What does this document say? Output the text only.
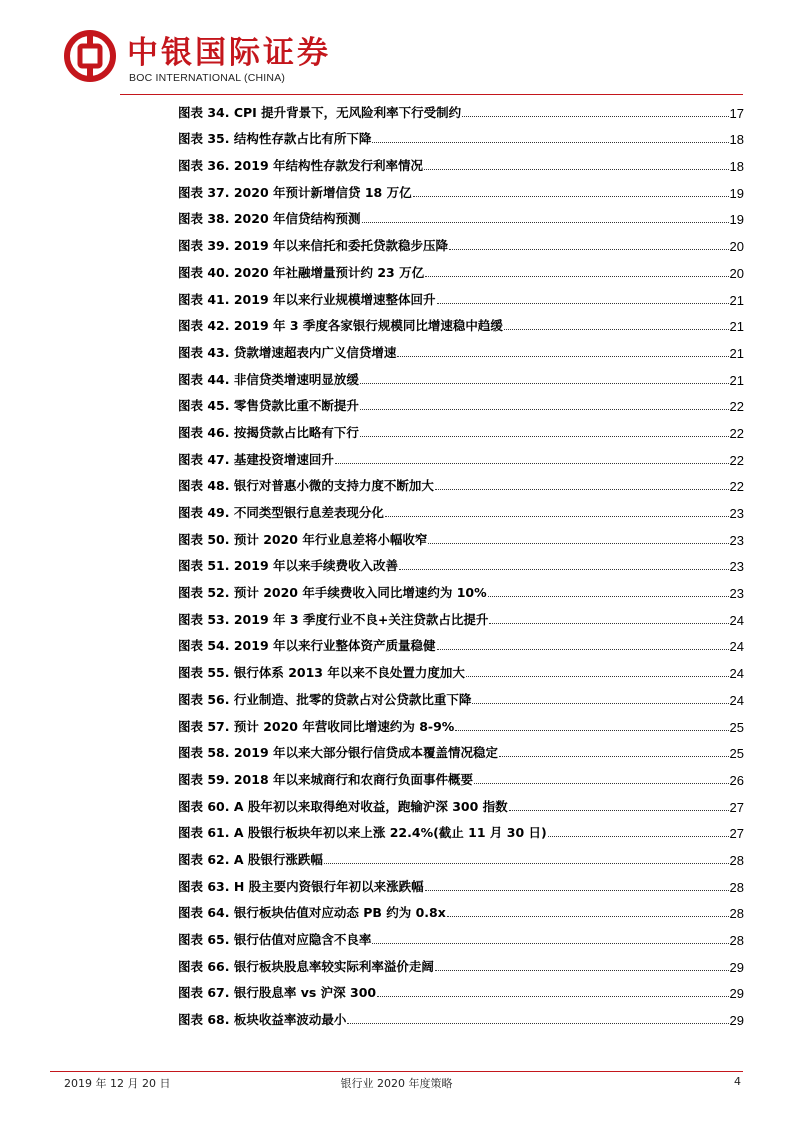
中银国际证券
BOC INTERNATIONAL (CHINA)
图表 34. CPI 提升背景下，无风险利率下行受制约	17
图表 35. 结构性存款占比有所下降	18
图表 36. 2019 年结构性存款发行利率情况	18
图表 37. 2020 年预计新增信贷 18 万亿	19
图表 38. 2020 年信贷结构预测	19
图表 39. 2019 年以来信托和委托贷款稳步压降	20
图表 40. 2020 年社融增量预计约 23 万亿	20
图表 41. 2019 年以来行业规模增速整体回升	21
图表 42. 2019 年 3 季度各家银行规模同比增速稳中趋缓	21
图表 43. 贷款增速超表内广义信贷增速	21
图表 44. 非信贷类增速明显放缓	21
图表 45. 零售贷款比重不断提升	22
图表 46. 按揭贷款占比略有下行	22
图表 47. 基建投资增速回升	22
图表 48. 银行对普惠小微的支持力度不断加大	22
图表 49. 不同类型银行息差表现分化	23
图表 50. 预计 2020 年行业息差将小幅收窄	23
图表 51. 2019 年以来手续费收入改善	23
图表 52. 预计 2020 年手续费收入同比增速约为 10%	23
图表 53. 2019 年 3 季度行业不良+关注贷款占比提升	24
图表 54. 2019 年以来行业整体资产质量稳健	24
图表 55. 银行体系 2013 年以来不良处置力度加大	24
图表 56. 行业制造、批零的贷款占对公贷款比重下降	24
图表 57. 预计 2020 年营收同比增速约为 8-9%	25
图表 58. 2019 年以来大部分银行信贷成本覆盖情况稳定	25
图表 59. 2018 年以来城商行和农商行负面事件概要	26
图表 60. A 股年初以来取得绝对收益，跑输沪深 300 指数	27
图表 61. A 股银行板块年初以来上涨 22.4%(截止 11 月 30 日)	27
图表 62. A 股银行涨跌幅	28
图表 63. H 股主要内资银行年初以来涨跌幅	28
图表 64. 银行板块估值对应动态 PB 约为 0.8x	28
图表 65. 银行估值对应隐含不良率	28
图表 66. 银行板块股息率较实际利率溢价走阔	29
图表 67. 银行股息率 vs 沪深 300	29
图表 68. 板块收益率波动最小	29
2019 年 12 月 20 日	银行业 2020 年度策略	4
